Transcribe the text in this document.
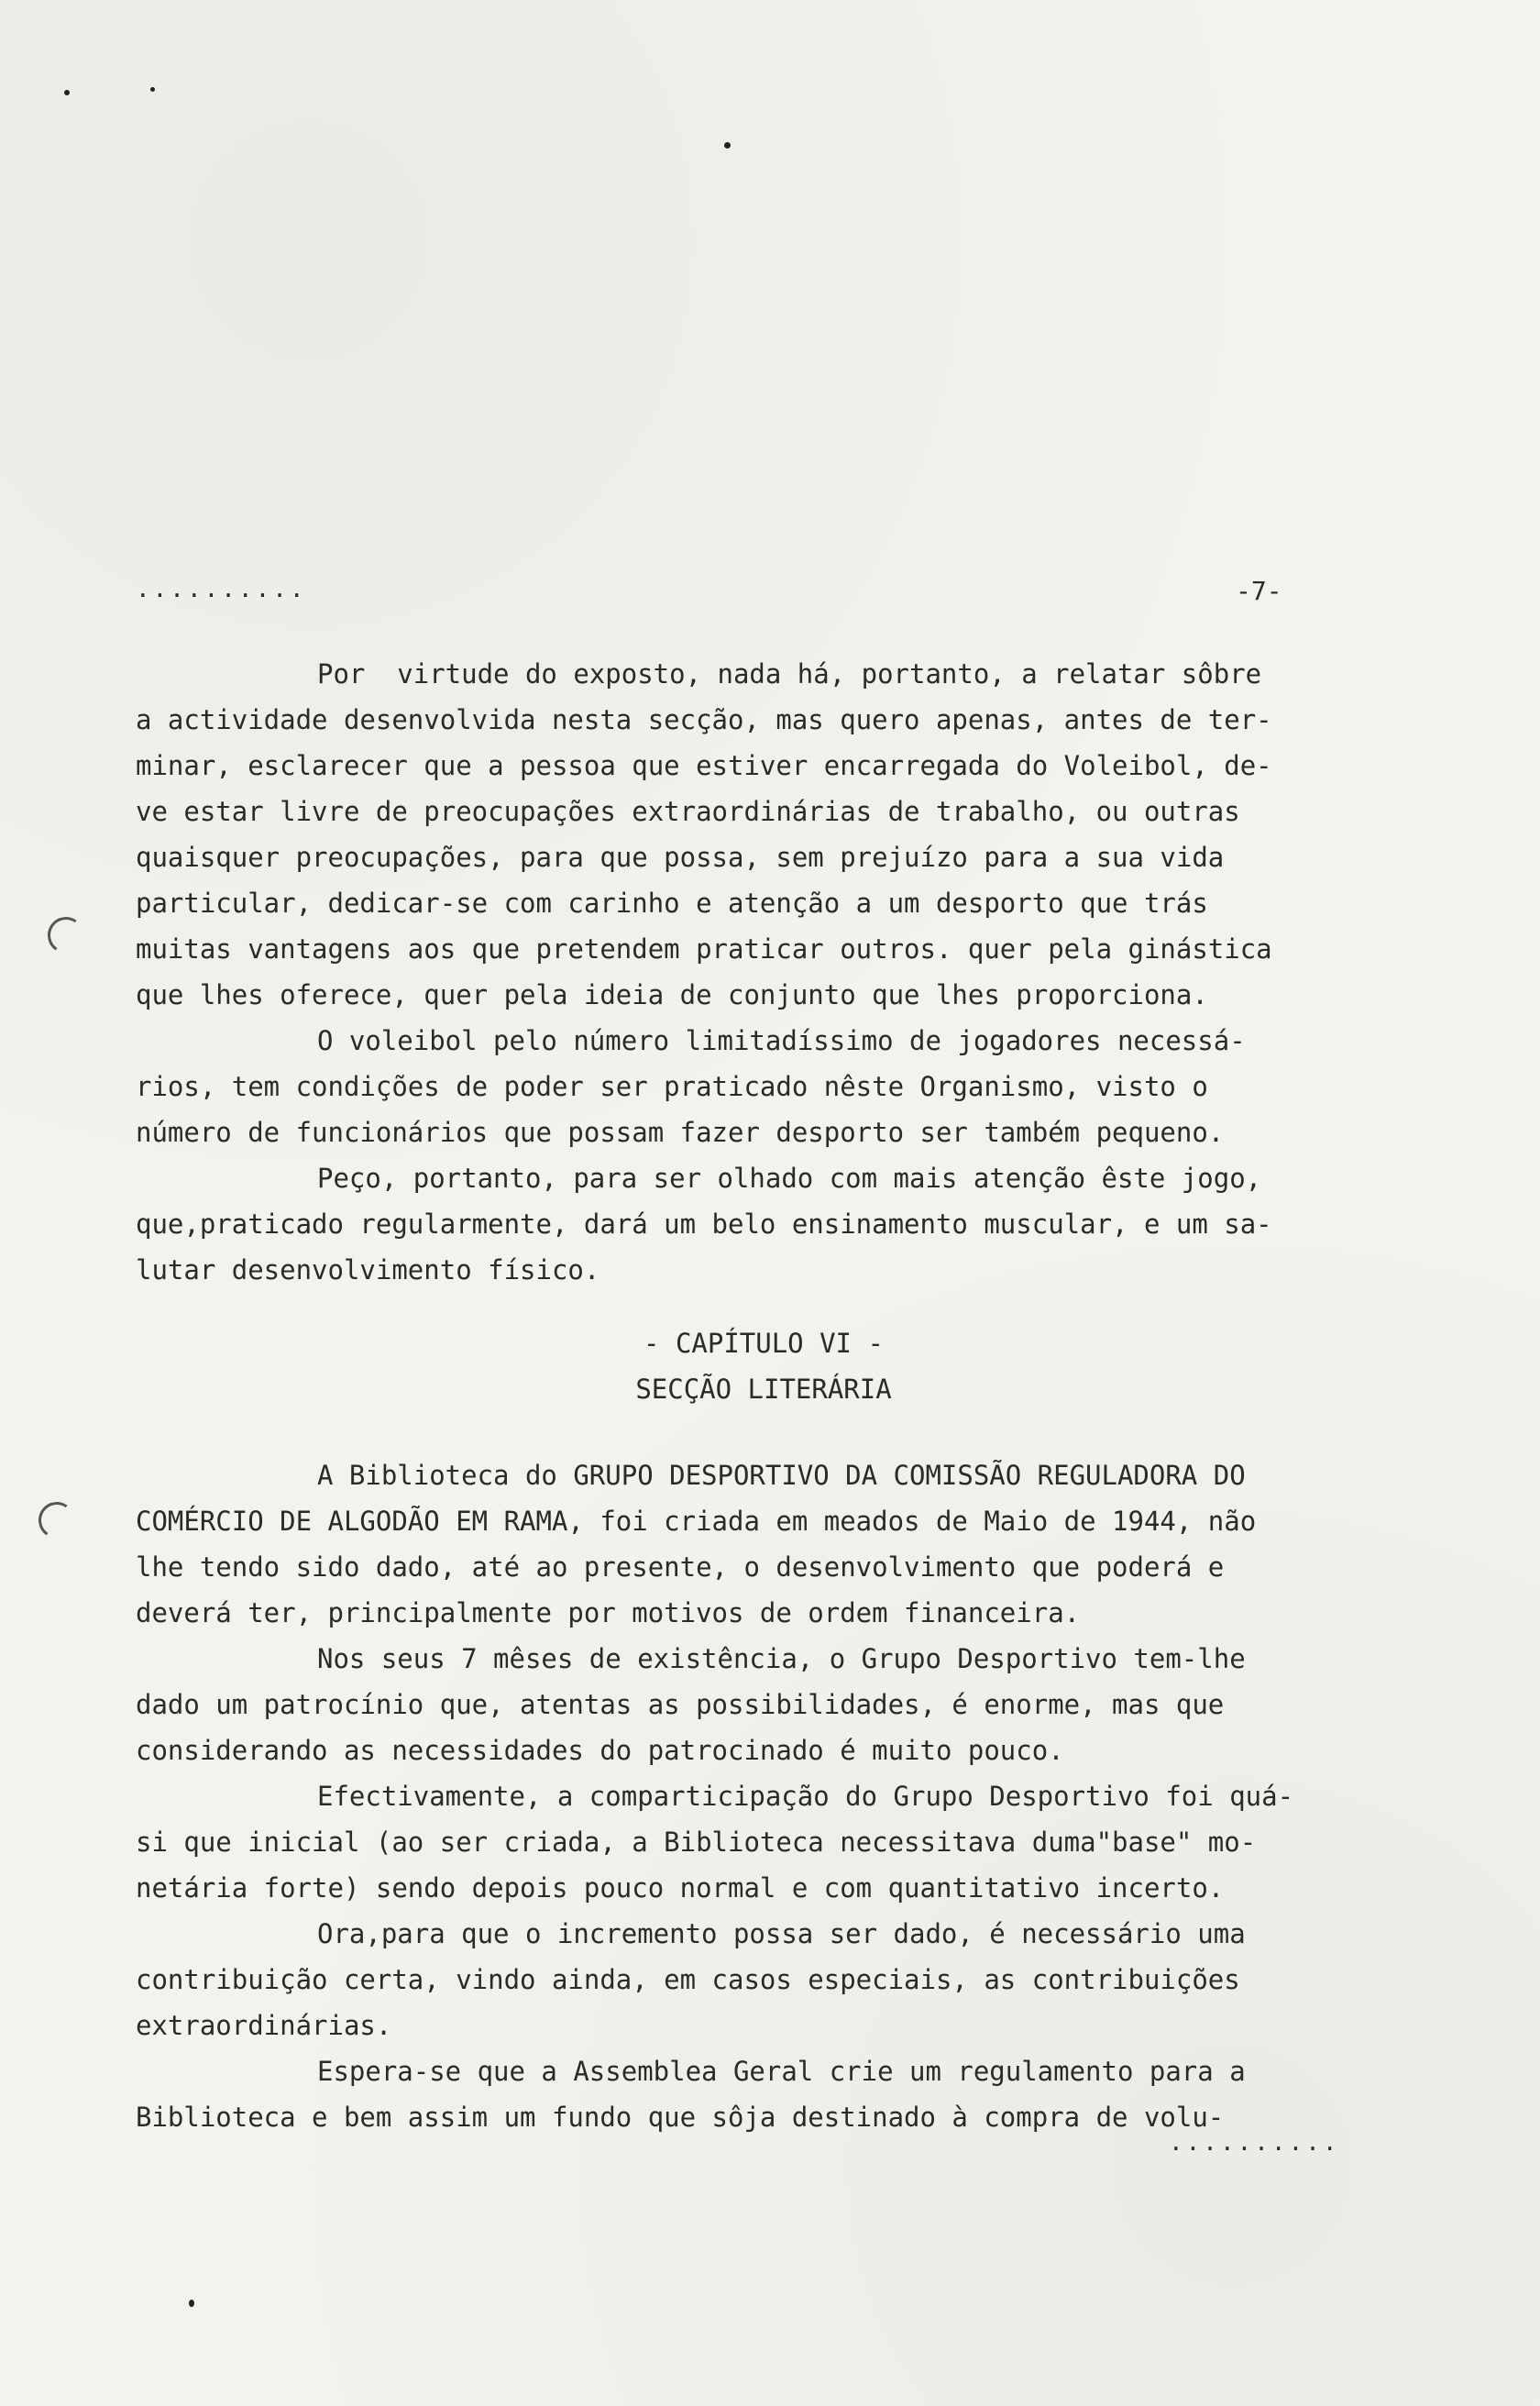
..........	-7-
Por  virtude do exposto, nada há, portanto, a relatar sôbre
a actividade desenvolvida nesta secção, mas quero apenas, antes de ter-
minar, esclarecer que a pessoa que estiver encarregada do Voleibol, de-
ve estar livre de preocupações extraordinárias de trabalho, ou outras
quaisquer preocupações, para que possa, sem prejuízo para a sua vida
particular, dedicar-se com carinho e atenção a um desporto que trás
muitas vantagens aos que pretendem praticar outros. quer pela ginástica
que lhes oferece, quer pela ideia de conjunto que lhes proporciona.
O voleibol pelo número limitadíssimo de jogadores necessá-
rios, tem condições de poder ser praticado nêste Organismo, visto o
número de funcionários que possam fazer desporto ser também pequeno.
Peço, portanto, para ser olhado com mais atenção êste jogo,
que,praticado regularmente, dará um belo ensinamento muscular, e um sa-
lutar desenvolvimento físico.
- CAPÍTULO VI -
SECÇÃO LITERÁRIA
A Biblioteca do GRUPO DESPORTIVO DA COMISSÃO REGULADORA DO
COMÉRCIO DE ALGODÃO EM RAMA, foi criada em meados de Maio de 1944, não
lhe tendo sido dado, até ao presente, o desenvolvimento que poderá e
deverá ter, principalmente por motivos de ordem financeira.
Nos seus 7 mêses de existência, o Grupo Desportivo tem-lhe
dado um patrocínio que, atentas as possibilidades, é enorme, mas que
considerando as necessidades do patrocinado é muito pouco.
Efectivamente, a comparticipação do Grupo Desportivo foi quá-
si que inicial (ao ser criada, a Biblioteca necessitava duma"base" mo-
netária forte) sendo depois pouco normal e com quantitativo incerto.
Ora,para que o incremento possa ser dado, é necessário uma
contribuição certa, vindo ainda, em casos especiais, as contribuições
extraordinárias.
Espera-se que a Assemblea Geral crie um regulamento para a
Biblioteca e bem assim um fundo que sôja destinado à compra de volu-
..........
